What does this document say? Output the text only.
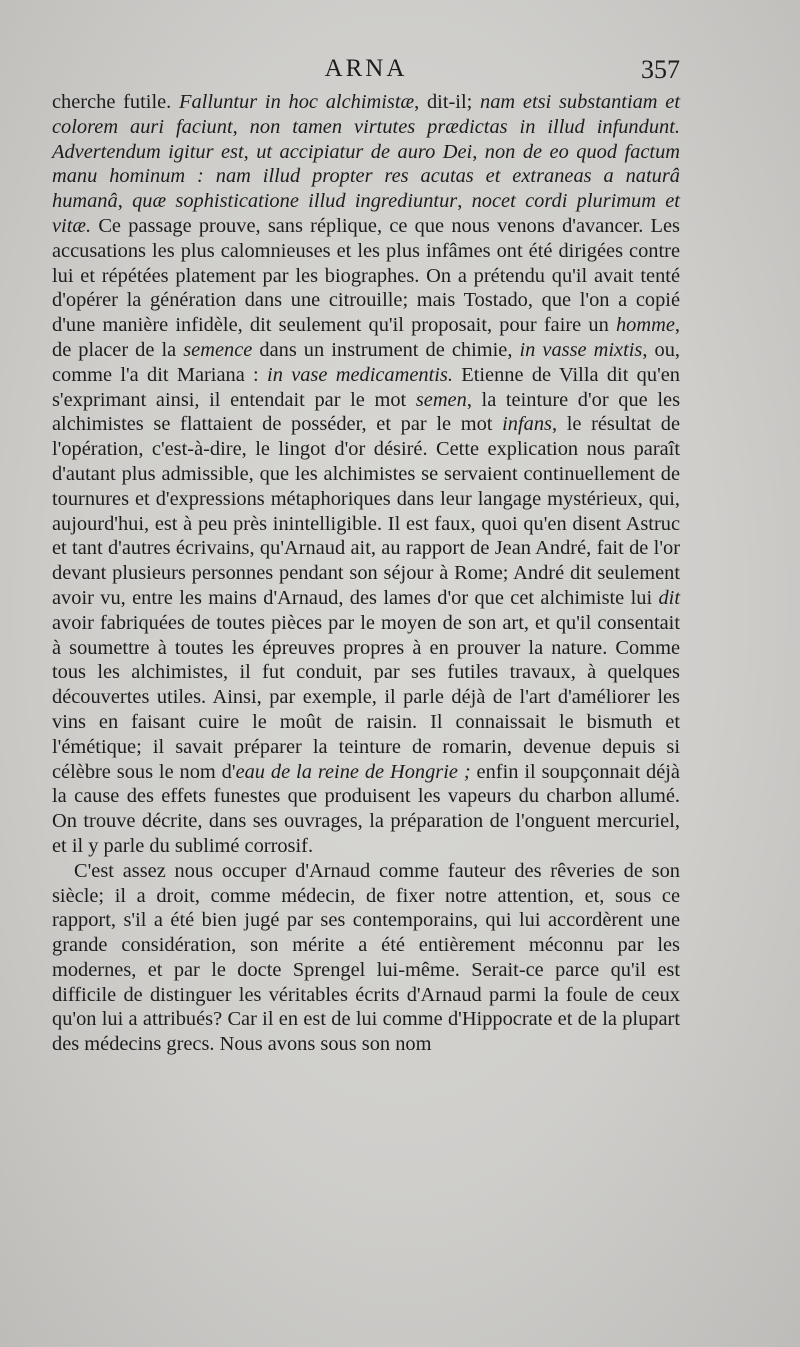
ARNA	357

cherche futile. Falluntur in hoc alchimistæ, dit-il; nam etsi substantiam et colorem auri faciunt, non tamen virtutes prædictas in illud infundunt. Advertendum igitur est, ut accipiatur de auro Dei, non de eo quod factum manu hominum : nam illud propter res acutas et extraneas a naturâ humanâ, quæ sophisticatione illud ingrediuntur, nocet cordi plurimum et vitæ. Ce passage prouve, sans réplique, ce que nous venons d'avancer. Les accusations les plus calomnieuses et les plus infâmes ont été dirigées contre lui et répétées platement par les biographes. On a prétendu qu'il avait tenté d'opérer la génération dans une citrouille; mais Tostado, que l'on a copié d'une manière infidèle, dit seulement qu'il proposait, pour faire un homme, de placer de la semence dans un instrument de chimie, in vasse mixtis, ou, comme l'a dit Mariana : in vase medicamentis. Etienne de Villa dit qu'en s'exprimant ainsi, il entendait par le mot semen, la teinture d'or que les alchimistes se flattaient de posséder, et par le mot infans, le résultat de l'opération, c'est-à-dire, le lingot d'or désiré. Cette explication nous paraît d'autant plus admissible, que les alchimistes se servaient continuellement de tournures et d'expressions métaphoriques dans leur langage mystérieux, qui, aujourd'hui, est à peu près inintelligible. Il est faux, quoi qu'en disent Astruc et tant d'autres écrivains, qu'Arnaud ait, au rapport de Jean André, fait de l'or devant plusieurs personnes pendant son séjour à Rome; André dit seulement avoir vu, entre les mains d'Arnaud, des lames d'or que cet alchimiste lui dit avoir fabriquées de toutes pièces par le moyen de son art, et qu'il consentait à soumettre à toutes les épreuves propres à en prouver la nature. Comme tous les alchimistes, il fut conduit, par ses futiles travaux, à quelques découvertes utiles. Ainsi, par exemple, il parle déjà de l'art d'améliorer les vins en faisant cuire le moût de raisin. Il connaissait le bismuth et l'émétique; il savait préparer la teinture de romarin, devenue depuis si célèbre sous le nom d'eau de la reine de Hongrie ; enfin il soupçonnait déjà la cause des effets funestes que produisent les vapeurs du charbon allumé. On trouve décrite, dans ses ouvrages, la préparation de l'onguent mercuriel, et il y parle du sublimé corrosif.

C'est assez nous occuper d'Arnaud comme fauteur des rêveries de son siècle; il a droit, comme médecin, de fixer notre attention, et, sous ce rapport, s'il a été bien jugé par ses contemporains, qui lui accordèrent une grande considération, son mérite a été entièrement méconnu par les modernes, et par le docte Sprengel lui-même. Serait-ce parce qu'il est difficile de distinguer les véritables écrits d'Arnaud parmi la foule de ceux qu'on lui a attribués? Car il en est de lui comme d'Hippocrate et de la plupart des médecins grecs. Nous avons sous son nom
